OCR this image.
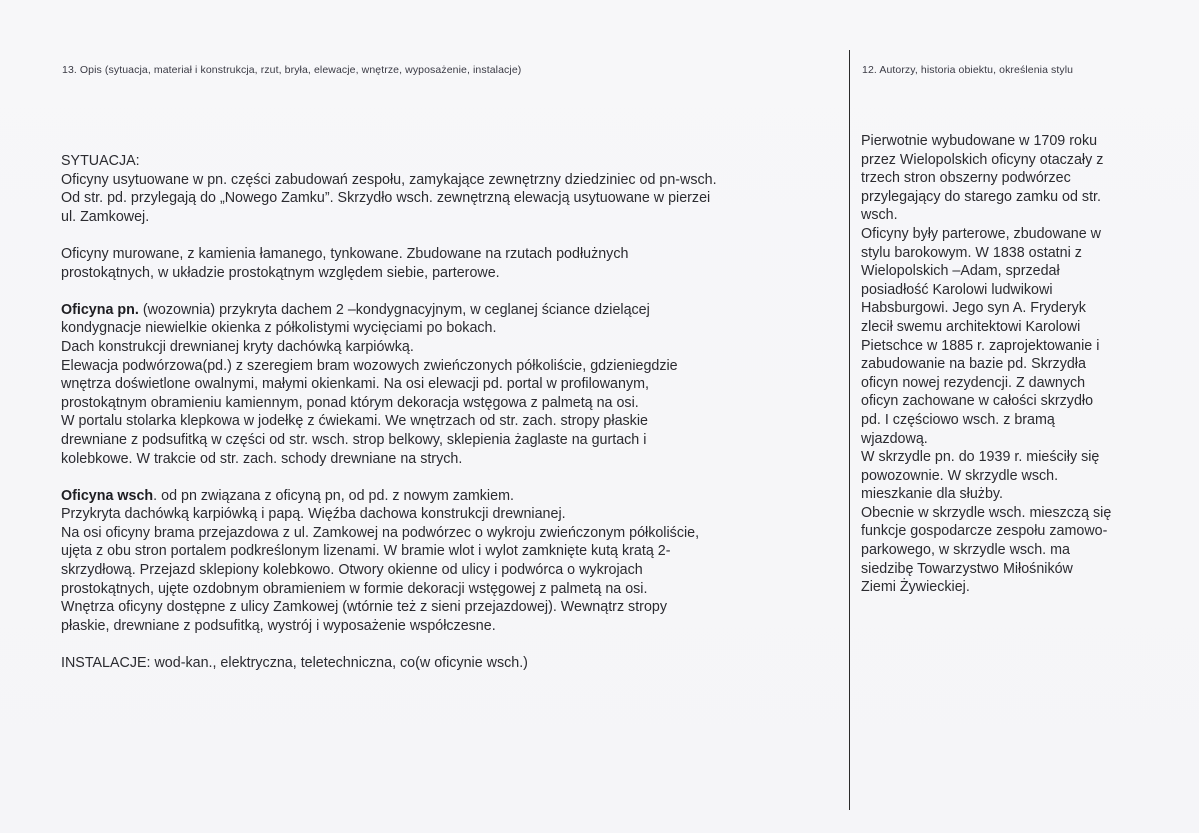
13. Opis (sytuacja, materiał i konstrukcja, rzut, bryła, elewacje, wnętrze, wyposażenie, instalacje)	12. Autorzy, historia obiektu, określenia stylu

SYTUACJA:
Oficyny usytuowane w pn. części zabudowań zespołu, zamykające zewnętrzny dziedziniec od pn-wsch.
Od str. pd. przylegają do „Nowego Zamku”. Skrzydło wsch. zewnętrzną elewacją usytuowane w pierzei
ul. Zamkowej.

Oficyny murowane, z kamienia łamanego, tynkowane. Zbudowane na rzutach podłużnych
prostokątnych, w układzie prostokątnym względem siebie, parterowe.

Oficyna pn. (wozownia) przykryta dachem 2 –kondygnacyjnym, w ceglanej ściance dzielącej
kondygnacje niewielkie okienka z półkolistymi wycięciami po bokach.
Dach konstrukcji drewnianej kryty dachówką karpiówką.
Elewacja podwórzowa(pd.) z szeregiem bram wozowych zwieńczonych półkoliście, gdzieniegdzie
wnętrza doświetlone owalnymi, małymi okienkami. Na osi elewacji pd. portal w profilowanym,
prostokątnym obramieniu kamiennym, ponad którym dekoracja wstęgowa z palmetą na osi.
W portalu stolarka klepkowa w jodełkę z ćwiekami. We wnętrzach od str. zach. stropy płaskie
drewniane z podsufitką w części od str. wsch. strop belkowy, sklepienia żaglaste na gurtach i
kolebkowe. W trakcie od str. zach. schody drewniane na strych.

Oficyna wsch. od pn związana z oficyną pn, od pd. z nowym zamkiem.
Przykryta dachówką karpiówką i papą. Więźba dachowa konstrukcji drewnianej.
Na osi oficyny brama przejazdowa z ul. Zamkowej na podwórzec o wykroju zwieńczonym półkoliście,
ujęta z obu stron portalem podkreślonym lizenami. W bramie wlot i wylot zamknięte kutą kratą 2-
skrzydłową. Przejazd sklepiony kolebkowo. Otwory okienne od ulicy i podwórca o wykrojach
prostokątnych, ujęte ozdobnym obramieniem w formie dekoracji wstęgowej z palmetą na osi.
Wnętrza oficyny dostępne z ulicy Zamkowej (wtórnie też z sieni przejazdowej). Wewnątrz stropy
płaskie, drewniane z podsufitką, wystrój i wyposażenie współczesne.

INSTALACJE: wod-kan., elektryczna, teletechniczna, co(w oficynie wsch.)

Pierwotnie wybudowane w 1709 roku
przez Wielopolskich oficyny otaczały z
trzech stron obszerny podwórzec
przylegający do starego zamku od str.
wsch.
Oficyny były parterowe, zbudowane w
stylu barokowym. W 1838 ostatni z
Wielopolskich –Adam, sprzedał
posiadłość Karolowi ludwikowi
Habsburgowi. Jego syn A. Fryderyk
zlecił swemu architektowi Karolowi
Pietschce w 1885 r. zaprojektowanie i
zabudowanie na bazie pd. Skrzydła
oficyn nowej rezydencji. Z dawnych
oficyn zachowane w całości skrzydło
pd. I częściowo wsch. z bramą
wjazdową.
W skrzydle pn. do 1939 r. mieściły się
powozownie. W skrzydle wsch.
mieszkanie dla służby.
Obecnie w skrzydle wsch. mieszczą się
funkcje gospodarcze zespołu zamowo-
parkowego, w skrzydle wsch. ma
siedzibę Towarzystwo Miłośników
Ziemi Żywieckiej.
